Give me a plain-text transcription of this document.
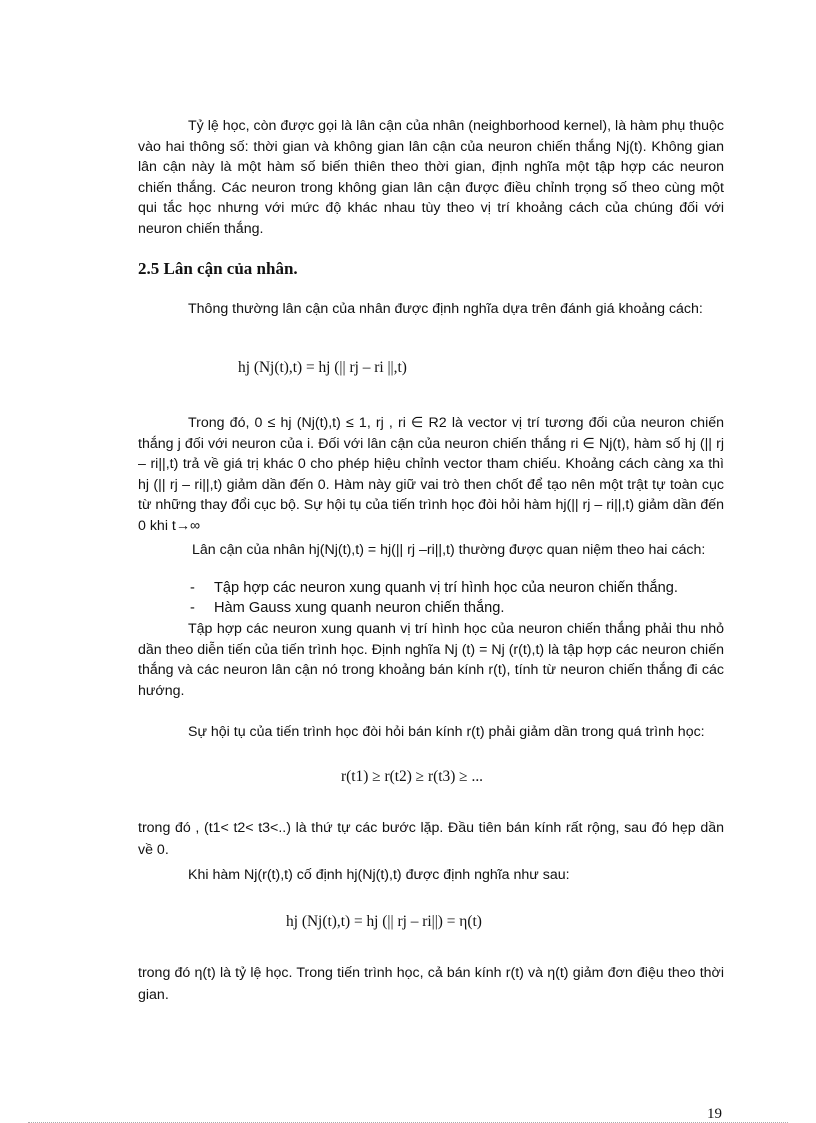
Tỷ lệ học, còn được gọi là lân cận của nhân (neighborhood kernel), là hàm phụ thuộc vào hai thông số: thời gian và không gian lân cận của neuron chiến thắng Nj(t). Không gian lân cận này là một hàm số biến thiên theo thời gian, định nghĩa một tập hợp các neuron chiến thắng. Các neuron trong không gian lân cận được điều chỉnh trọng số theo cùng một qui tắc học nhưng với mức độ khác nhau tùy theo vị trí khoảng cách của chúng đối với neuron chiến thắng.

2.5 Lân cận của nhân.

Thông thường lân cận của nhân được định nghĩa dựa trên đánh giá khoảng cách:

hj (Nj(t),t) = hj (|| rj – ri ||,t)

Trong đó, 0 ≤ hj (Nj(t),t) ≤ 1, rj , ri ∈ R2 là vector vị trí tương đối của neuron chiến thắng j đối với neuron của i. Đối với lân cận của neuron chiến thắng ri ∈ Nj(t), hàm số hj (|| rj – ri||,t) trả về giá trị khác 0 cho phép hiệu chỉnh vector tham chiếu. Khoảng cách càng xa thì hj (|| rj – ri||,t) giảm dần đến 0. Hàm này giữ vai trò then chốt để tạo nên một trật tự toàn cục từ những thay đổi cục bộ. Sự hội tụ của tiến trình học đòi hỏi hàm hj(|| rj – ri||,t) giảm dần đến 0 khi t→∞

Lân cận của nhân hj(Nj(t),t) = hj(|| rj –ri||,t) thường được quan niệm theo hai cách:

- Tập hợp các neuron xung quanh vị trí hình học của neuron chiến thắng.
- Hàm Gauss xung quanh neuron chiến thắng.

Tập hợp các neuron xung quanh vị trí hình học của neuron chiến thắng phải thu nhỏ dần theo diễn tiến của tiến trình học. Định nghĩa Nj (t) = Nj (r(t),t) là tập hợp các neuron chiến thắng và các neuron lân cận nó trong khoảng bán kính r(t), tính từ neuron chiến thắng đi các hướng.

Sự hội tụ của tiến trình học đòi hỏi bán kính r(t) phải giảm dần trong quá trình học:

r(t1) ≥ r(t2) ≥ r(t3) ≥ ...

trong đó , (t1< t2< t3<..) là thứ tự các bước lặp. Đầu tiên bán kính rất rộng, sau đó hẹp dần về 0.

Khi hàm Nj(r(t),t) cố định hj(Nj(t),t) được định nghĩa như sau:

hj (Nj(t),t) = hj (|| rj – ri||) = η(t)

trong đó η(t) là tỷ lệ học. Trong tiến trình học, cả bán kính r(t) và η(t) giảm đơn điệu theo thời gian.

19
